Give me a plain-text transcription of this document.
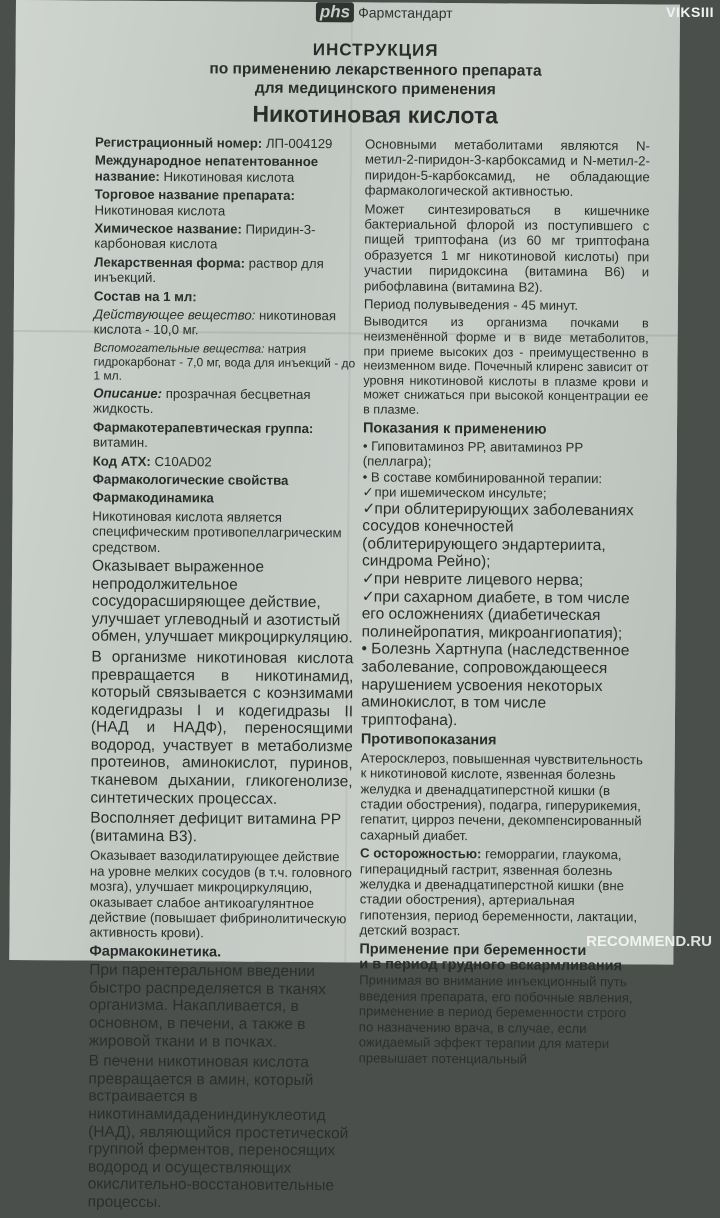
phs Фармстандарт
ИНСТРУКЦИЯ
по применению лекарственного препарата
для медицинского применения
Никотиновая кислота

Регистрационный номер: ЛП-004129

Международное непатентованное название: Никотиновая кислота

Торговое название препарата: Никотиновая кислота

Химическое название: Пиридин-3-карбоновая кислота

Лекарственная форма: раствор для инъекций.

Состав на 1 мл:

Действующее вещество: никотиновая кислота - 10,0 мг.

Вспомогательные вещества: натрия гидрокарбонат - 7,0 мг, вода для инъекций - до 1 мл.

Описание: прозрачная бесцветная жидкость.

Фармакотерапевтическая группа: витамин.

Код АТХ: C10AD02

Фармакологические свойства

Фармакодинамика

Никотиновая кислота является специфическим противопеллагрическим средством.

Оказывает выраженное непродолжительное сосудорасширяющее действие, улучшает углеводный и азотистый обмен, улучшает микроциркуляцию.

В организме никотиновая кислота превращается в никотинамид, который связывается с коэнзимами кодегидразы I и кодегидразы II (НАД и НАДФ), переносящими водород, участвует в метаболизме протеинов, аминокислот, пуринов, тканевом дыхании, гликогенолизе, синтетических процессах.

Восполняет дефицит витамина РР (витамина В3).

Оказывает вазодилатирующее действие на уровне мелких сосудов (в т.ч. головного мозга), улучшает микроциркуляцию, оказывает слабое антикоагулянтное действие (повышает фибринолитическую активность крови).

Фармакокинетика.

При парентеральном введении быстро распределяется в тканях организма. Накапливается, в основном, в печени, а также в жировой ткани и в почках.

В печени никотиновая кислота превращается в амин, который встраивается в никотинамидадениндинуклеотид (НАД), являющийся простетической группой ферментов, переносящих водород и осуществляющих окислительно-восстановительные процессы.

Основными метаболитами являются N-метил-2-пиридон-3-карбоксамид и N-метил-2-пиридон-5-карбоксамид, не обладающие фармакологической активностью.

Может синтезироваться в кишечнике бактериальной флорой из поступившего с пищей триптофана (из 60 мг триптофана образуется 1 мг никотиновой кислоты) при участии пиридоксина (витамина В6) и рибофлавина (витамина В2).

Период полувыведения - 45 минут.

Выводится из организма почками в неизменённой форме и в виде метаболитов, при приеме высоких доз - преимущественно в неизменном виде. Почечный клиренс зависит от уровня никотиновой кислоты в плазме крови и может снижаться при высокой концентрации ее в плазме.

Показания к применению

• Гиповитаминоз РР, авитаминоз РР (пеллагра);

• В составе комбинированной терапии:

✓при ишемическом инсульте;

✓при облитерирующих заболеваниях сосудов конечностей (облитерирующего эндартериита, синдрома Рейно);

✓при неврите лицевого нерва;

✓при сахарном диабете, в том числе его осложнениях (диабетическая полинейропатия, микроангиопатия);

• Болезнь Хартнупа (наследственное заболевание, сопровождающееся нарушением усвоения некоторых аминокислот, в том числе триптофана).

Противопоказания

Атеросклероз, повышенная чувствительность к никотиновой кислоте, язвенная болезнь желудка и двенадцатиперстной кишки (в стадии обострения), подагра, гиперурикемия, гепатит, цирроз печени, декомпенсированный сахарный диабет.

С осторожностью: геморрагии, глаукома, гиперацидный гастрит, язвенная болезнь желудка и двенадцатиперстной кишки (вне стадии обострения), артериальная гипотензия, период беременности, лактации, детский возраст.

Применение при беременности
и в период грудного вскармливания

Принимая во внимание инъекционный путь введения препарата, его побочные явления, применение в период беременности строго по назначению врача, в случае, если ожидаемый эффект терапии для матери превышает потенциальный

VIKSIII
RECOMMEND.RU
